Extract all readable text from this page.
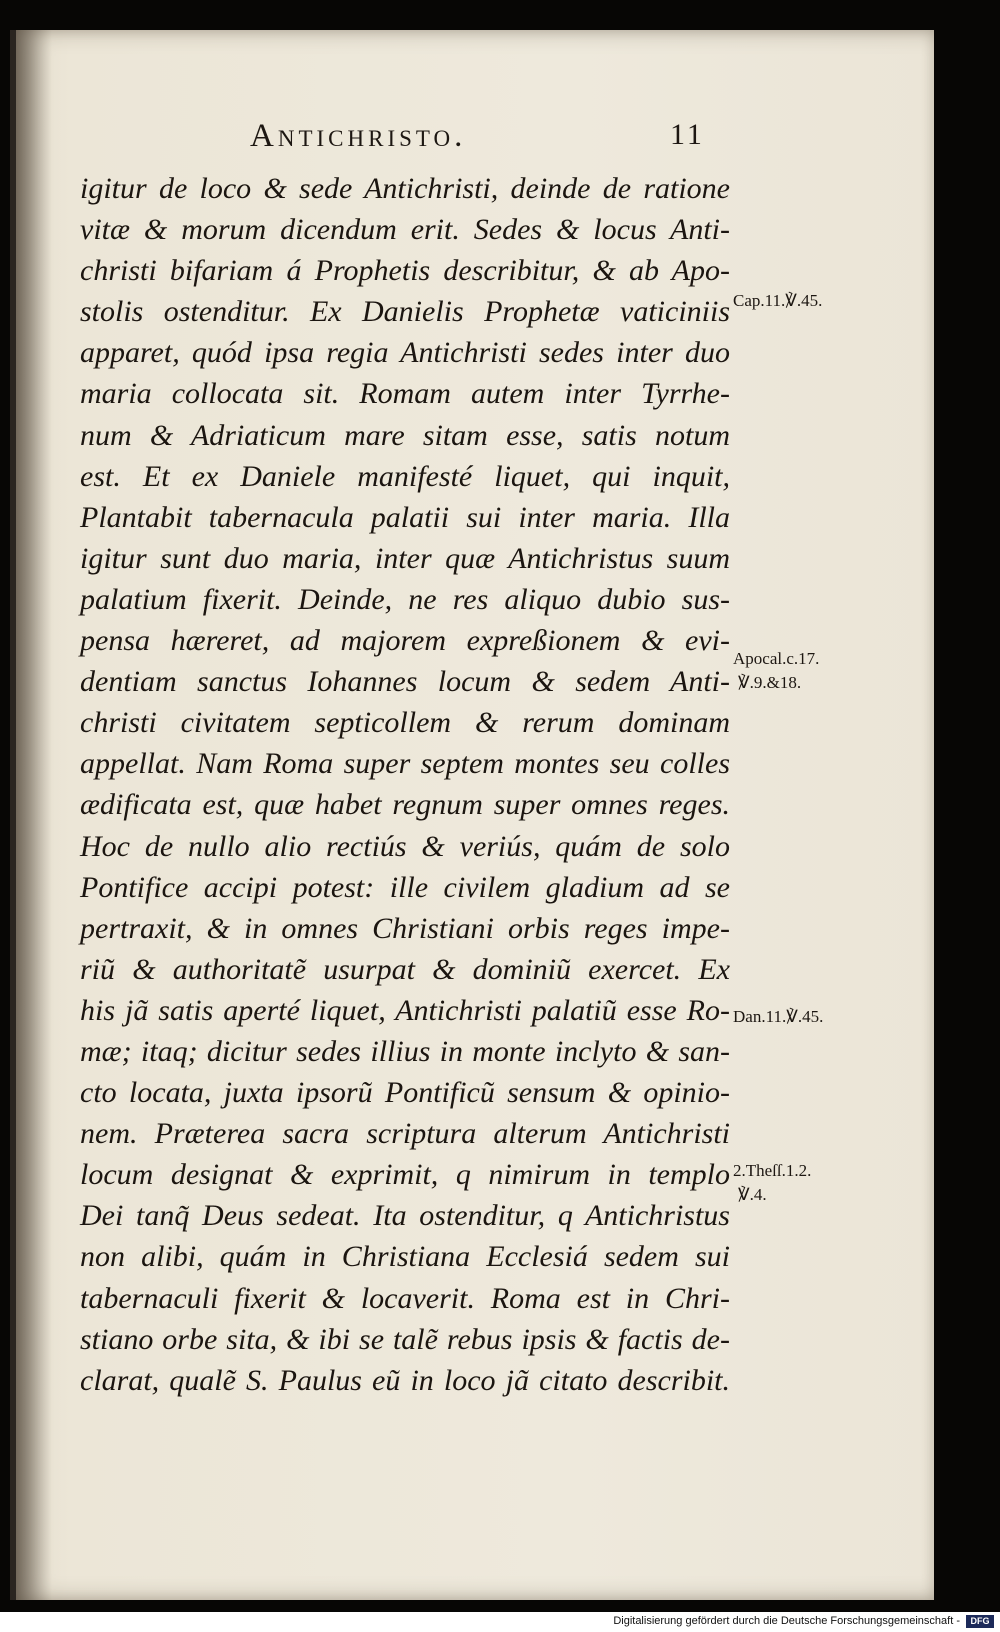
Antichristo.	11
igitur de loco & sede Antichristi, deinde de ratione
vitæ & morum dicendum erit. Sedes & locus Anti-
christi bifariam á Prophetis describitur, & ab Apo-
stolis ostenditur. Ex Danielis Prophetæ vaticiniis
apparet, quód ipsa regia Antichristi sedes inter duo
maria collocata sit. Romam autem inter Tyrrhe-
num & Adriaticum mare sitam esse, satis notum
est. Et ex Daniele manifesté liquet, qui inquit,
Plantabit tabernacula palatii sui inter maria. Illa
igitur sunt duo maria, inter quæ Antichristus suum
palatium fixerit. Deinde, ne res aliquo dubio sus-
pensa hæreret, ad majorem expreßionem & evi-
dentiam sanctus Iohannes locum & sedem Anti-
christi civitatem septicollem & rerum dominam
appellat. Nam Roma super septem montes seu colles
ædificata est, quæ habet regnum super omnes reges.
Hoc de nullo alio rectiús & veriús, quám de solo
Pontifice accipi potest: ille civilem gladium ad se
pertraxit, & in omnes Christiani orbis reges impe-
riũ & authoritatẽ usurpat & dominiũ exercet. Ex
his jã satis aperté liquet, Antichristi palatiũ esse Ro-
mæ; itaq; dicitur sedes illius in monte inclyto & san-
cto locata, juxta ipsorũ Pontificũ sensum & opinio-
nem. Præterea sacra scriptura alterum Antichristi
locum designat & exprimit, q nimirum in templo
Dei tanq̃ Deus sedeat. Ita ostenditur, q Antichristus
non alibi, quám in Christiana Ecclesiá sedem sui
tabernaculi fixerit & locaverit. Roma est in Chri-
stiano orbe sita, & ibi se talẽ rebus ipsis & factis de-
clarat, qualẽ S. Paulus eũ in loco jã citato describit.
Cap.11.℣.45.
Apocal.c.17.
℣.9.&18.
Dan.11.℣.45.
2.Theſſ.1.2.
℣.4.
Digitalisierung gefördert durch die Deutsche Forschungsgemeinschaft -	DFG
